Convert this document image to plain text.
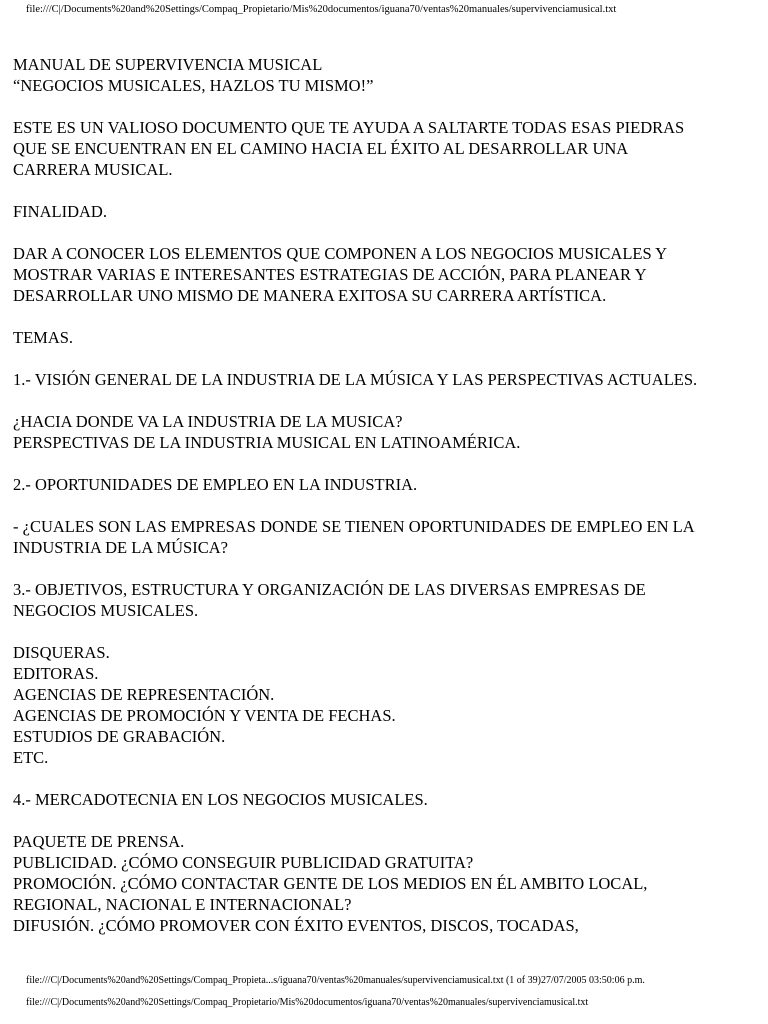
file:///C|/Documents%20and%20Settings/Compaq_Propietario/Mis%20documentos/iguana70/ventas%20manuales/supervivenciamusical.txt
MANUAL DE SUPERVIVENCIA MUSICAL
“NEGOCIOS MUSICALES, HAZLOS TU MISMO!”
ESTE ES UN VALIOSO DOCUMENTO QUE TE AYUDA A SALTARTE TODAS ESAS PIEDRAS
QUE SE ENCUENTRAN EN EL CAMINO HACIA EL ÉXITO AL DESARROLLAR UNA
CARRERA MUSICAL.
FINALIDAD.
DAR A CONOCER LOS ELEMENTOS QUE COMPONEN A LOS NEGOCIOS MUSICALES Y
MOSTRAR VARIAS E INTERESANTES ESTRATEGIAS DE ACCIÓN, PARA PLANEAR Y
DESARROLLAR UNO MISMO DE MANERA EXITOSA SU CARRERA ARTÍSTICA.
TEMAS.
1.- VISIÓN GENERAL DE LA INDUSTRIA DE LA MÚSICA Y LAS PERSPECTIVAS ACTUALES.
¿HACIA DONDE VA LA INDUSTRIA DE LA MUSICA?
PERSPECTIVAS DE LA INDUSTRIA MUSICAL EN LATINOAMÉRICA.
2.- OPORTUNIDADES DE EMPLEO EN LA INDUSTRIA.
- ¿CUALES SON LAS EMPRESAS DONDE SE TIENEN OPORTUNIDADES DE EMPLEO EN LA
INDUSTRIA DE LA MÚSICA?
3.- OBJETIVOS, ESTRUCTURA Y ORGANIZACIÓN DE LAS DIVERSAS EMPRESAS DE
NEGOCIOS MUSICALES.
DISQUERAS.
EDITORAS.
AGENCIAS DE REPRESENTACIÓN.
AGENCIAS DE PROMOCIÓN Y VENTA DE FECHAS.
ESTUDIOS DE GRABACIÓN.
ETC.
4.- MERCADOTECNIA EN LOS NEGOCIOS MUSICALES.
PAQUETE DE PRENSA.
PUBLICIDAD. ¿CÓMO CONSEGUIR PUBLICIDAD GRATUITA?
PROMOCIÓN. ¿CÓMO CONTACTAR GENTE DE LOS MEDIOS EN ÉL AMBITO LOCAL,
REGIONAL, NACIONAL E INTERNACIONAL?
DIFUSIÓN. ¿CÓMO PROMOVER CON ÉXITO EVENTOS, DISCOS, TOCADAS,
file:///C|/Documents%20and%20Settings/Compaq_Propieta...s/iguana70/ventas%20manuales/supervivenciamusical.txt (1 of 39)27/07/2005 03:50:06 p.m.
file:///C|/Documents%20and%20Settings/Compaq_Propietario/Mis%20documentos/iguana70/ventas%20manuales/supervivenciamusical.txt
